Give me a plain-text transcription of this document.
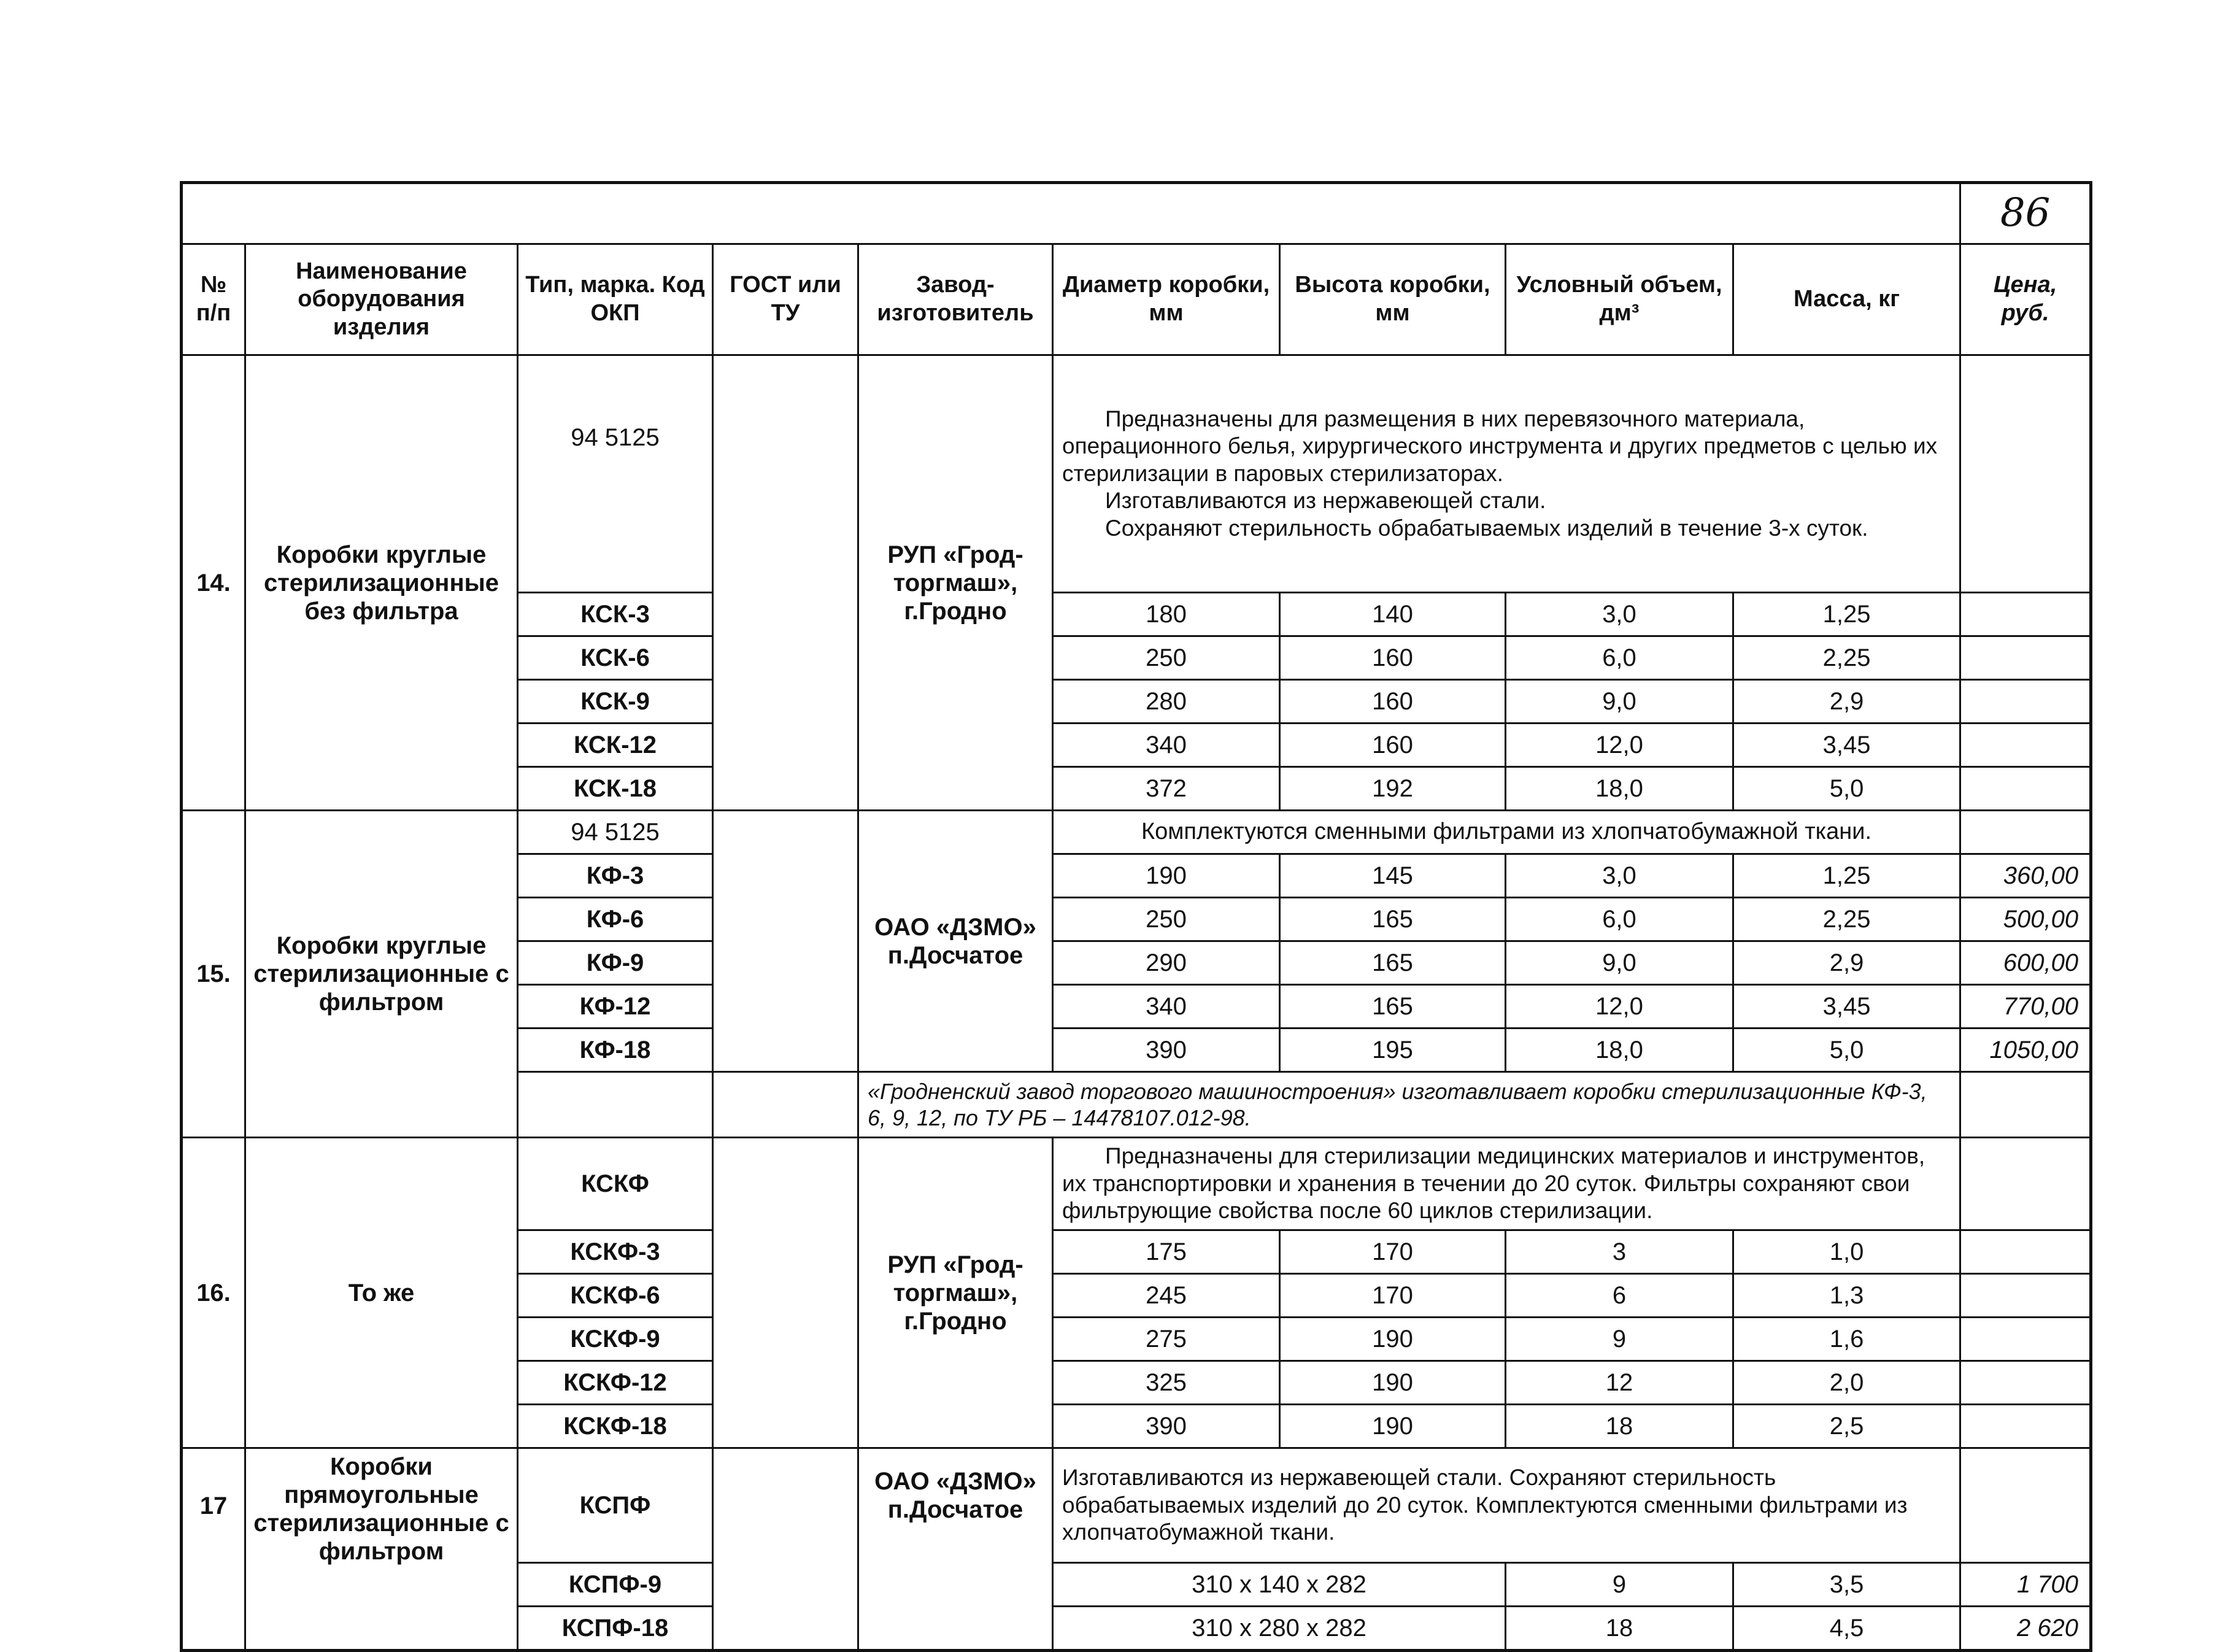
									86
№ п/п	Наименование оборудования изделия	Тип, марка. Код ОКП	ГОСТ или ТУ	Завод-изготовитель	Диаметр коробки, мм	Высота коробки, мм	Условный объем, дм³	Масса, кг	Цена, руб.
14.	Коробки круглые стерилизационные без фильтра	94 5125		РУП «Грод-торгмаш», г.Гродно	Предназначены для размещения в них перевязочного материала, операционного белья, хирургического инструмента и других предметов с целью их стерилизации в паровых стерилизаторах.

Изготавливаются из нержавеющей стали.

Сохраняют стерильность обрабатываемых изделий в течение 3-х суток.				

		КСК-3			180	140	3,0	1,25	
		КСК-6			250	160	6,0	2,25	
		КСК-9			280	160	9,0	2,9	
		КСК-12			340	160	12,0	3,45	
		КСК-18			372	192	18,0	5,0	
15.	Коробки круглые стерилизационные с фильтром	94 5125		ОАО «ДЗМО» п.Досчатое	Комплектуются сменными фильтрами из хлопчатобумажной ткани.				
		КФ-3			190	145	3,0	1,25	360,00
		КФ-6			250	165	6,0	2,25	500,00
		КФ-9			290	165	9,0	2,9	600,00
		КФ-12			340	165	12,0	3,45	770,00
		КФ-18			390	195	18,0	5,0	1050,00
				«Гродненский завод торгового машиностроения» изготавливает коробки стерилизационные КФ-3, 6, 9, 12, по ТУ РБ – 14478107.012-98.					
16.	То же	КСКФ		РУП «Грод-торгмаш», г.Гродно	Предназначены для стерилизации медицинских материалов и инструментов, их транспортировки и хранения в течении до 20 суток. Фильтры сохраняют свои фильтрующие свойства после 60 циклов стерилизации.				

		КСКФ-3			175	170	3	1,0	
		КСКФ-6			245	170	6	1,3	
		КСКФ-9			275	190	9	1,6	
		КСКФ-12			325	190	12	2,0	
		КСКФ-18			390	190	18	2,5	
17	Коробки прямоугольные стерилизационные с фильтром	КСПФ		ОАО «ДЗМО» п.Досчатое	Изготавливаются из нержавеющей стали. Сохраняют стерильность обрабатываемых изделий до 20 суток. Комплектуются сменными фильтрами из хлопчатобумажной ткани.				
		КСПФ-9			310 x 140 x 282		9	3,5	1 700
		КСПФ-18			310 x 280 x 282		18	4,5	2 620
